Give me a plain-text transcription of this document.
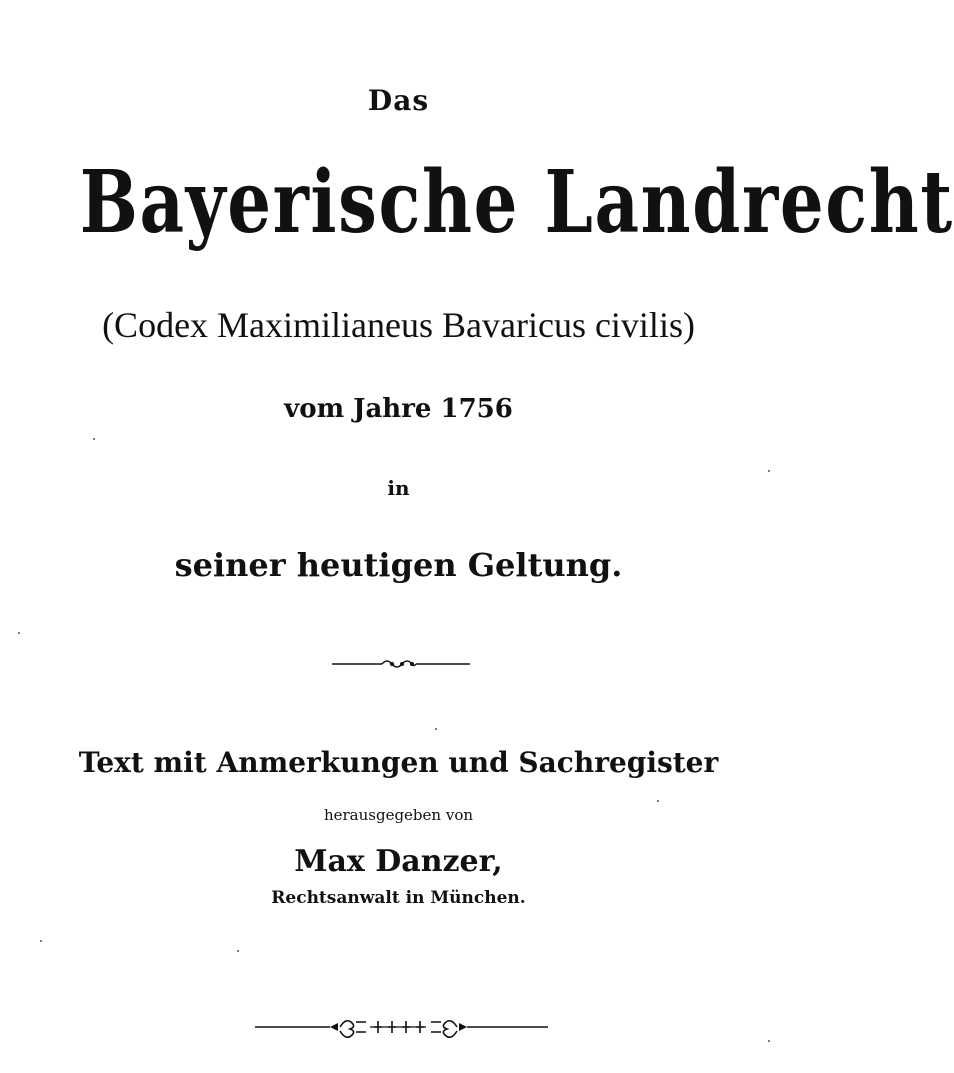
Das
Bayerische Landrecht
(Codex Maximilianeus Bavaricus civilis)
vom Jahre 1756
in
seiner heutigen Geltung.
Text mit Anmerkungen und Sachregister
herausgegeben von
Max Danzer,
Rechtsanwalt in München.
